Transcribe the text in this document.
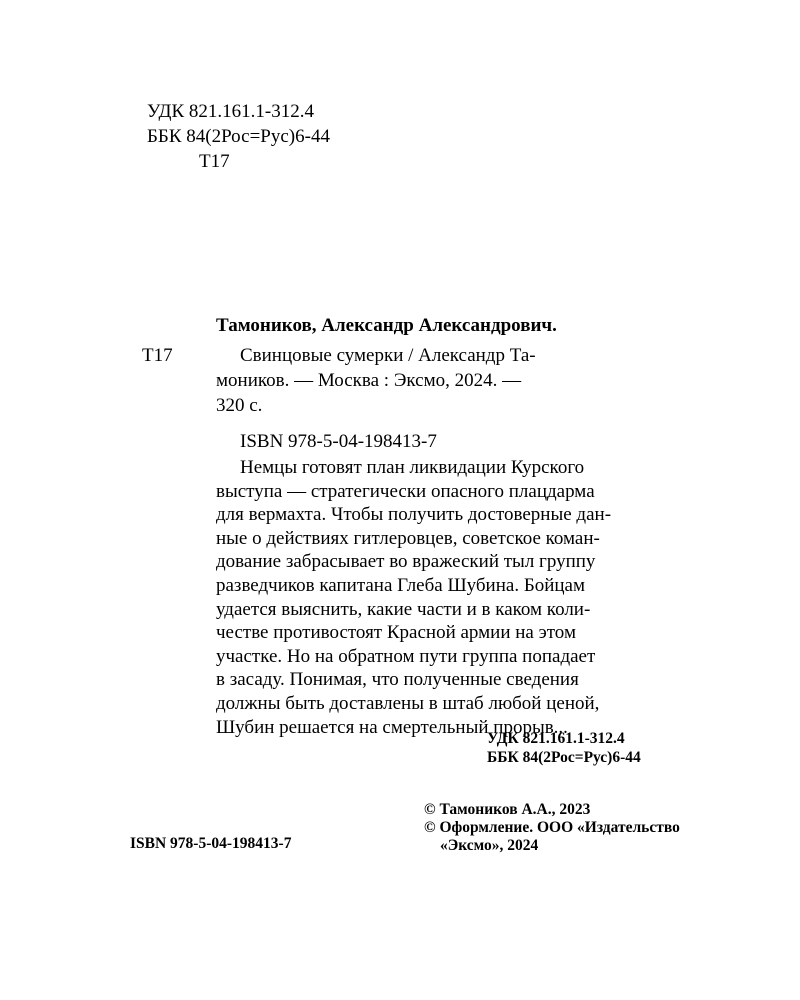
УДК 821.161.1-312.4
ББК 84(2Рос=Рус)6-44
Т17
Тамоников, Александр Александрович.
Т17	Свинцовые сумерки / Александр Та-
моников. — Москва : Эксмо, 2024. —
320 с.
ISBN 978-5-04-198413-7
Немцы готовят план ликвидации Курского
выступа — стратегически опасного плацдарма
для вермахта. Чтобы получить достоверные дан-
ные о действиях гитлеровцев, советское коман-
дование забрасывает во вражеский тыл группу
разведчиков капитана Глеба Шубина. Бойцам
удается выяснить, какие части и в каком коли-
честве противостоят Красной армии на этом
участке. Но на обратном пути группа попадает
в засаду. Понимая, что полученные сведения
должны быть доставлены в штаб любой ценой,
Шубин решается на смертельный прорыв...
УДК 821.161.1-312.4
ББК 84(2Рос=Рус)6-44
ISBN 978-5-04-198413-7
© Тамоников А.А., 2023
© Оформление. ООО «Издательство
«Эксмо», 2024
